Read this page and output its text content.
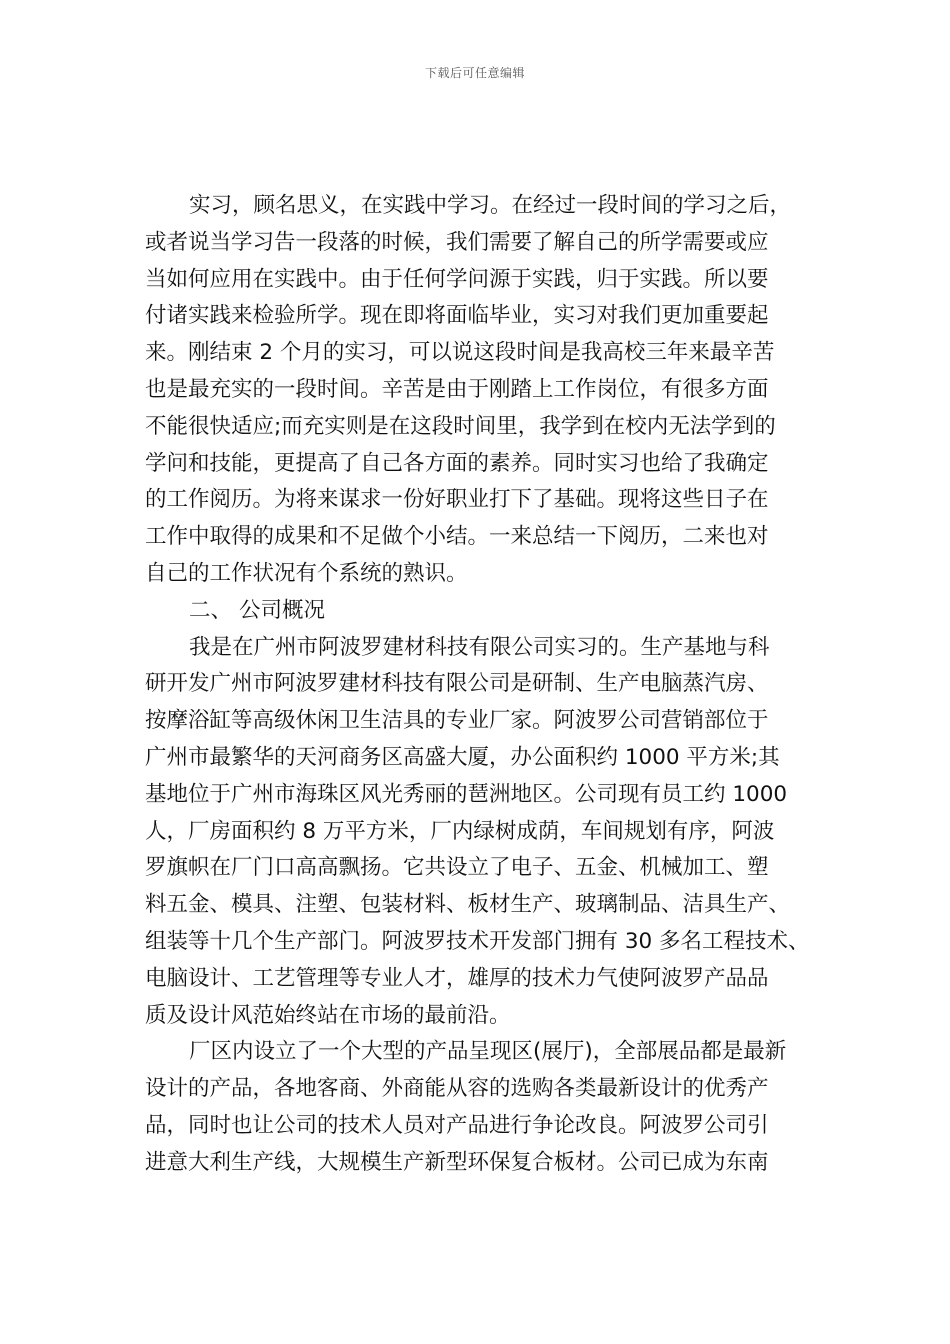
下载后可任意编辑
实习，顾名思义，在实践中学习。在经过一段时间的学习之后，
或者说当学习告一段落的时候，我们需要了解自己的所学需要或应
当如何应用在实践中。由于任何学问源于实践，归于实践。所以要
付诸实践来检验所学。现在即将面临毕业，实习对我们更加重要起
来。刚结束 2 个月的实习，可以说这段时间是我高校三年来最辛苦
也是最充实的一段时间。辛苦是由于刚踏上工作岗位，有很多方面
不能很快适应;而充实则是在这段时间里，我学到在校内无法学到的
学问和技能，更提高了自己各方面的素养。同时实习也给了我确定
的工作阅历。为将来谋求一份好职业打下了基础。现将这些日子在
工作中取得的成果和不足做个小结。一来总结一下阅历，二来也对
自己的工作状况有个系统的熟识。
二、 公司概况
我是在广州市阿波罗建材科技有限公司实习的。生产基地与科
研开发广州市阿波罗建材科技有限公司是研制、生产电脑蒸汽房、
按摩浴缸等高级休闲卫生洁具的专业厂家。阿波罗公司营销部位于
广州市最繁华的天河商务区高盛大厦，办公面积约 1000 平方米;其
基地位于广州市海珠区风光秀丽的琶洲地区。公司现有员工约 1000
人，厂房面积约 8 万平方米，厂内绿树成荫，车间规划有序，阿波
罗旗帜在厂门口高高飘扬。它共设立了电子、五金、机械加工、塑
料五金、模具、注塑、包装材料、板材生产、玻璃制品、洁具生产、
组装等十几个生产部门。阿波罗技术开发部门拥有 30 多名工程技术、
电脑设计、工艺管理等专业人才，雄厚的技术力气使阿波罗产品品
质及设计风范始终站在市场的最前沿。
厂区内设立了一个大型的产品呈现区(展厅)，全部展品都是最新
设计的产品，各地客商、外商能从容的选购各类最新设计的优秀产
品，同时也让公司的技术人员对产品进行争论改良。阿波罗公司引
进意大利生产线，大规模生产新型环保复合板材。公司已成为东南
